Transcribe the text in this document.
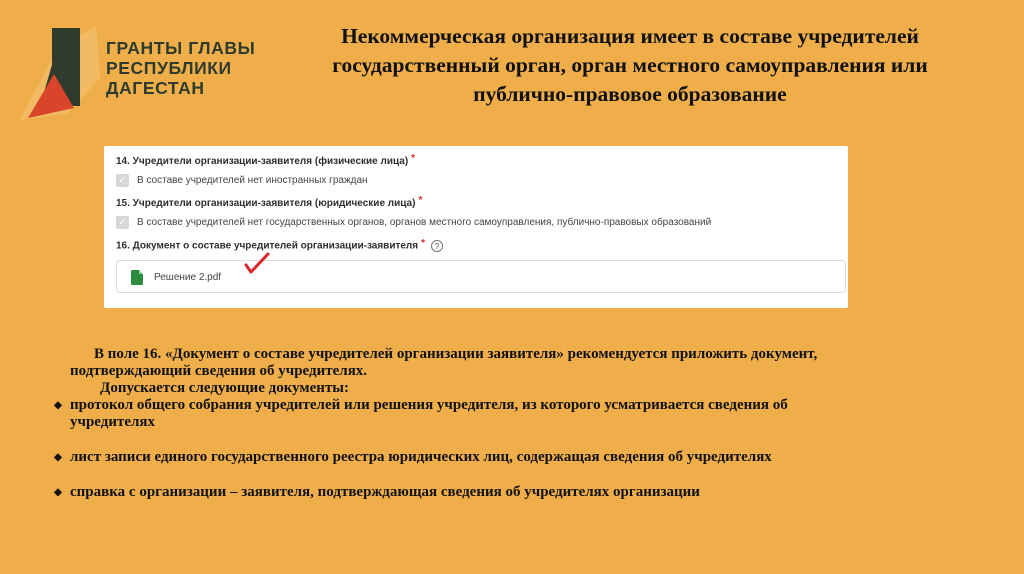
ГРАНТЫ ГЛАВЫ
РЕСПУБЛИКИ
ДАГЕСТАН
Некоммерческая организация имеет в составе учредителей
государственный орган, орган местного самоуправления или
публично-правовое образование
14. Учредители организации-заявителя (физические лица) *
✓ В составе учредителей нет иностранных граждан
15. Учредители организации-заявителя (юридические лица) *
✓ В составе учредителей нет государственных органов, органов местного самоуправления, публично-правовых образований
16. Документ о составе учредителей организации-заявителя * ?
Решение 2.pdf
В поле 16. «Документ о составе учредителей организации заявителя» рекомендуется приложить документ,
подтверждающий сведения об учредителях.
Допускается следующие документы:
◆ протокол общего собрания учредителей или решения учредителя, из которого усматривается сведения об
учредителях
◆ лист записи единого государственного реестра юридических лиц, содержащая сведения об учредителях
◆ справка с организации – заявителя, подтверждающая сведения об учредителях организации
